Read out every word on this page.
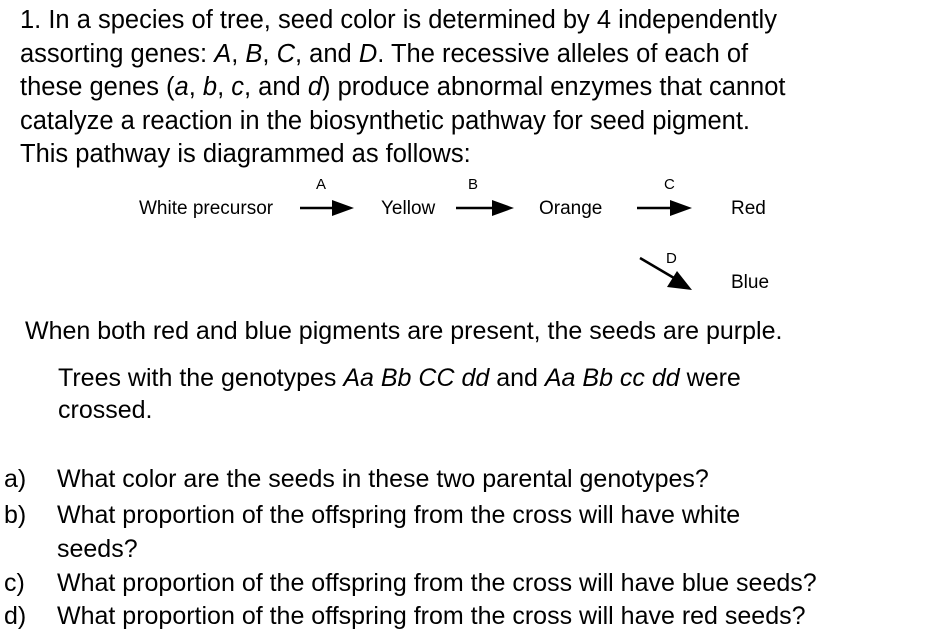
1. In a species of tree, seed color is determined by 4 independently
assorting genes: A, B, C, and D. The recessive alleles of each of
these genes (a, b, c, and d) produce abnormal enzymes that cannot
catalyze a reaction in the biosynthetic pathway for seed pigment.
This pathway is diagrammed as follows:
A	B	C
D
White precursor	Yellow	Orange	Red
Blue
When both red and blue pigments are present, the seeds are purple.
Trees with the genotypes Aa Bb CC dd and Aa Bb cc dd were
crossed.
a) What color are the seeds in these two parental genotypes?
b) What proportion of the offspring from the cross will have white
seeds?
c) What proportion of the offspring from the cross will have blue seeds?
d) What proportion of the offspring from the cross will have red seeds?
